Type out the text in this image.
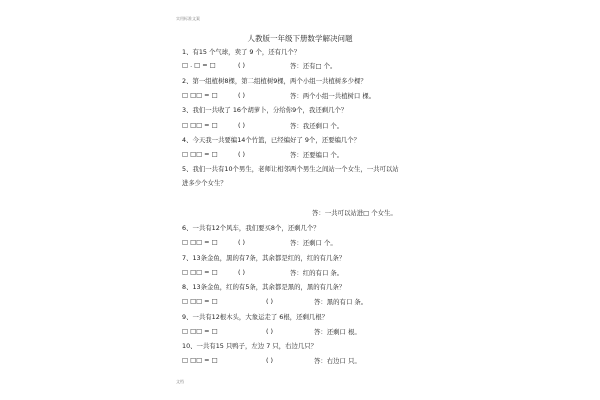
实用标准文案
人教版一年级下册数学解决问题
1、有15 个气球，卖了 9 个，还有几个？
□ . □ = □	( )	答：还有□ 个。
2、第一组植树8棵，第二组植树9棵，两个小组一共植树多少棵？
□ □□ = □	( )	答：两个小组一共植树口 棵。
3、我们一共收了 16个胡萝卜，分给你9个，我还剩几个？
□ □□ = □	( )	答：我还剩口 个。
4、今天我一共要编14个竹篮，已经编好了 9个，还要编几个？
□ □□ = □	( )	答：还要编口 个。
5、我们一共有10个男生，老师让相邻两个男生之间站一个女生，一共可以站
进多少个女生？
答：一共可以站进□ 个女生。
6、一共有12个风车，我们要买8个，还剩几个？
□ □□ = □	( )	答：还剩口 个。
7、13条金鱼，黑的有7条，其余都是红的，红的有几条？
□ □□ = □	( )	答：红的有口 条。
8、13条金鱼，红的有5条，其余都是黑的，黑的有几条？
□ □□ = □	( )	答：黑的有口 条。
9、一共有12根木头，大象运走了 6根，还剩几根？
□ □□ = □	( )	答：还剩口 根。
10、一共有15 只鸭子，左边 7 只，右边几只？
□ □□ = □	( )	答：右边口 只。
文档
